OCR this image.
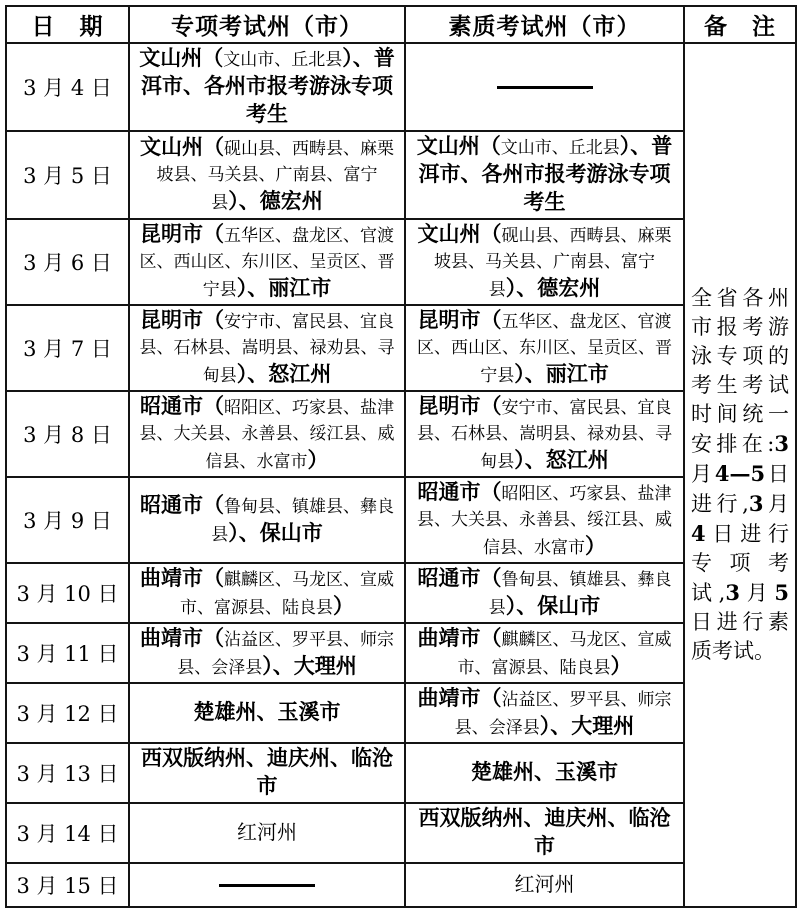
日　期	专项考试州（市）	素质考试州（市）	备　注
3 月 4 日	文山州（文山市、丘北县）、普洱市、各州市报考游泳专项考生		全省各州市报考游泳专项的考生考试时间统一安排在:3月4—5日进行,3月4日进行专项考试,3月5日进行素质考试。
3 月 5 日	文山州（砚山县、西畴县、麻栗坡县、马关县、广南县、富宁县）、德宏州	文山州（文山市、丘北县）、普洱市、各州市报考游泳专项考生	
3 月 6 日	昆明市（五华区、盘龙区、官渡区、西山区、东川区、呈贡区、晋宁县）、丽江市	文山州（砚山县、西畴县、麻栗坡县、马关县、广南县、富宁县）、德宏州	
3 月 7 日	昆明市（安宁市、富民县、宜良县、石林县、嵩明县、禄劝县、寻甸县）、怒江州	昆明市（五华区、盘龙区、官渡区、西山区、东川区、呈贡区、晋宁县）、丽江市	
3 月 8 日	昭通市（昭阳区、巧家县、盐津县、大关县、永善县、绥江县、威信县、水富市）	昆明市（安宁市、富民县、宜良县、石林县、嵩明县、禄劝县、寻甸县）、怒江州	
3 月 9 日	昭通市（鲁甸县、镇雄县、彝良县）、保山市	昭通市（昭阳区、巧家县、盐津县、大关县、永善县、绥江县、威信县、水富市）	
3 月 10 日	曲靖市（麒麟区、马龙区、宣威市、富源县、陆良县）	昭通市（鲁甸县、镇雄县、彝良县）、保山市	
3 月 11 日	曲靖市（沾益区、罗平县、师宗县、会泽县）、大理州	曲靖市（麒麟区、马龙区、宣威市、富源县、陆良县）	
3 月 12 日	楚雄州、玉溪市	曲靖市（沾益区、罗平县、师宗县、会泽县）、大理州	
3 月 13 日	西双版纳州、迪庆州、临沧市	楚雄州、玉溪市	
3 月 14 日	红河州	西双版纳州、迪庆州、临沧市	
3 月 15 日		红河州	
